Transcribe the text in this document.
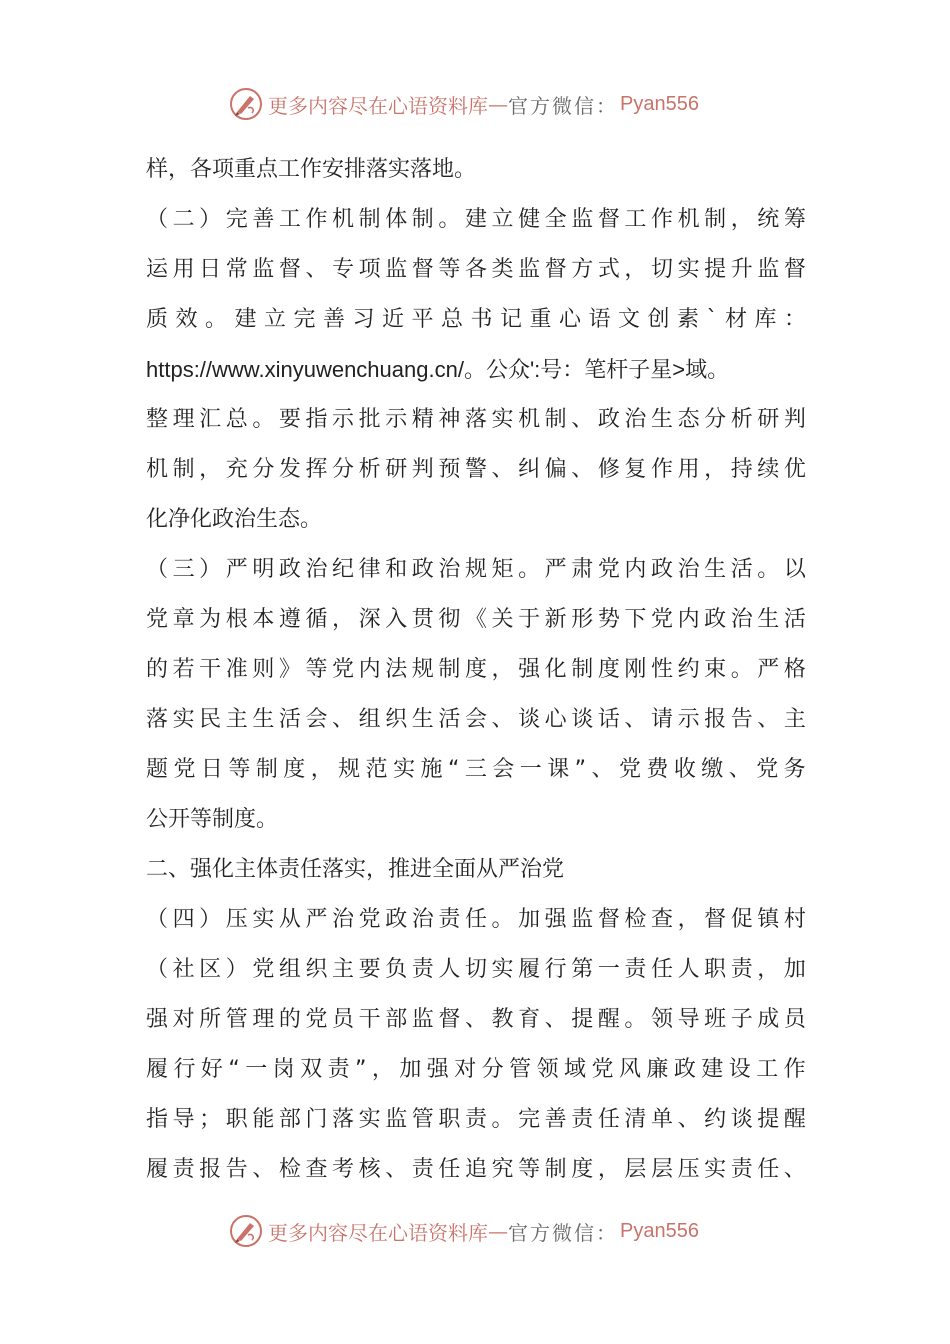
更多内容尽在心语资料库 — 官方微信： Pyan556
样，各项重点工作安排落实落地。
（ 二 ） 完 善 工 作 机 制 体 制 。 建 立 健 全 监 督 工 作 机 制 ， 统 筹
运 用 日 常 监 督 、 专 项 监 督 等 各 类 监 督 方 式 ， 切 实 提 升 监 督
质 效 。 建 立 完 善 习 近 平 总 书 记 重 心 语 文 创 素 ` 材 库 ：
https://www.xinyuwenchuang.cn/。公众':号：笔杆子星>域。
整 理 汇 总 。 要 指 示 批 示 精 神 落 实 机 制 、 政 治 生 态 分 析 研 判
机 制 ， 充 分 发 挥 分 析 研 判 预 警 、 纠 偏 、 修 复 作 用 ， 持 续 优
化净化政治生态。
（ 三 ） 严 明 政 治 纪 律 和 政 治 规 矩 。 严 肃 党 内 政 治 生 活 。 以
党 章 为 根 本 遵 循 ， 深 入 贯 彻 《 关 于 新 形 势 下 党 内 政 治 生 活
的 若 干 准 则 》 等 党 内 法 规 制 度 ， 强 化 制 度 刚 性 约 束 。 严 格
落 实 民 主 生 活 会 、 组 织 生 活 会 、 谈 心 谈 话 、 请 示 报 告 、 主
题 党 日 等 制 度 ， 规 范 实 施 “ 三 会 一 课 ” 、 党 费 收 缴 、 党 务
公开等制度。
二、强化主体责任落实，推进全面从严治党
（ 四 ） 压 实 从 严 治 党 政 治 责 任 。 加 强 监 督 检 查 ， 督 促 镇 村
（ 社 区 ） 党 组 织 主 要 负 责 人 切 实 履 行 第 一 责 任 人 职 责 ， 加
强 对 所 管 理 的 党 员 干 部 监 督 、 教 育 、 提 醒 。 领 导 班 子 成 员
履 行 好 “ 一 岗 双 责 ” ， 加 强 对 分 管 领 域 党 风 廉 政 建 设 工 作
指 导 ； 职 能 部 门 落 实 监 管 职 责 。 完 善 责 任 清 单 、 约 谈 提 醒
履 责 报 告 、 检 查 考 核 、 责 任 追 究 等 制 度 ， 层 层 压 实 责 任 、
更多内容尽在心语资料库 — 官方微信： Pyan556
